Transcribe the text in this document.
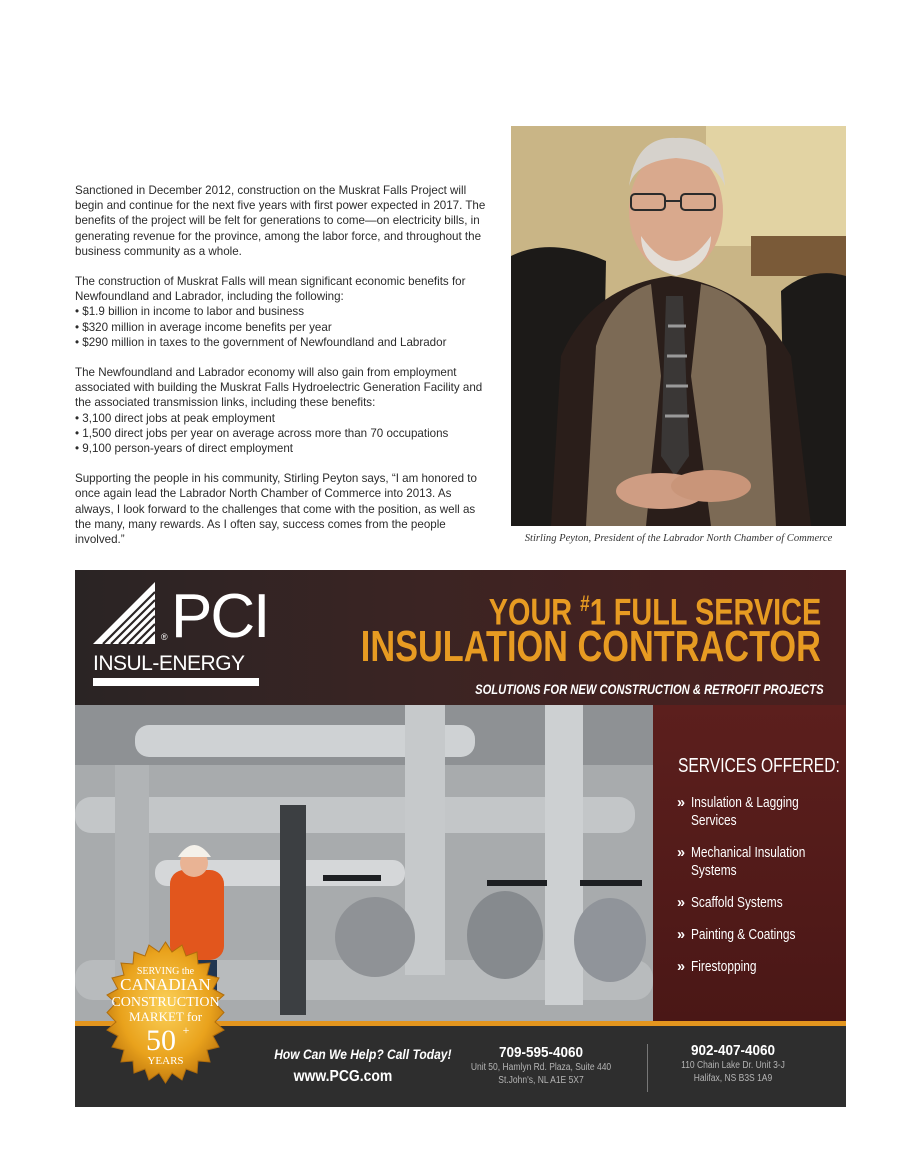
Sanctioned in December 2012, construction on the Muskrat Falls Project will begin and continue for the next five years with first power expected in 2017. The benefits of the project will be felt for generations to come—on electricity bills, in generating revenue for the province, among the labor force, and throughout the business community as a whole.

The construction of Muskrat Falls will mean significant economic benefits for Newfoundland and Labrador, including the following:
• $1.9 billion in income to labor and business
• $320 million in average income benefits per year
• $290 million in taxes to the government of Newfoundland and Labrador
The Newfoundland and Labrador economy will also gain from employment associated with building the Muskrat Falls Hydroelectric Generation Facility and the associated transmission links, including these benefits:
• 3,100 direct jobs at peak employment
• 1,500 direct jobs per year on average across more than 70 occupations
• 9,100 person-years of direct employment

Supporting the people in his community, Stirling Peyton says, “I am honored to once again lead the Labrador North Chamber of Commerce into 2013. As always, I look forward to the challenges that come with the position, as well as the many, many rewards. As I often say, success comes from the people involved.”	Stirling Peyton, President of the Labrador North Chamber of Commerce
PCI
®
INSUL-ENERGY
YOUR #1 FULL SERVICE
INSULATION CONTRACTOR
SOLUTIONS FOR NEW CONSTRUCTION & RETROFIT PROJECTS
SERVICES OFFERED:
» Insulation & Lagging
Services
» Mechanical Insulation
Systems
» Scaffold Systems
» Painting & Coatings
» Firestopping
How Can We Help? Call Today!
www.PCG.com
709-595-4060
Unit 50, Hamlyn Rd. Plaza, Suite 440
St.John's, NL A1E 5X7
902-407-4060
110 Chain Lake Dr. Unit 3-J
Halifax, NS B3S 1A9
SERVING the
CANADIAN
CONSTRUCTION
MARKET for
50 +
YEARS
